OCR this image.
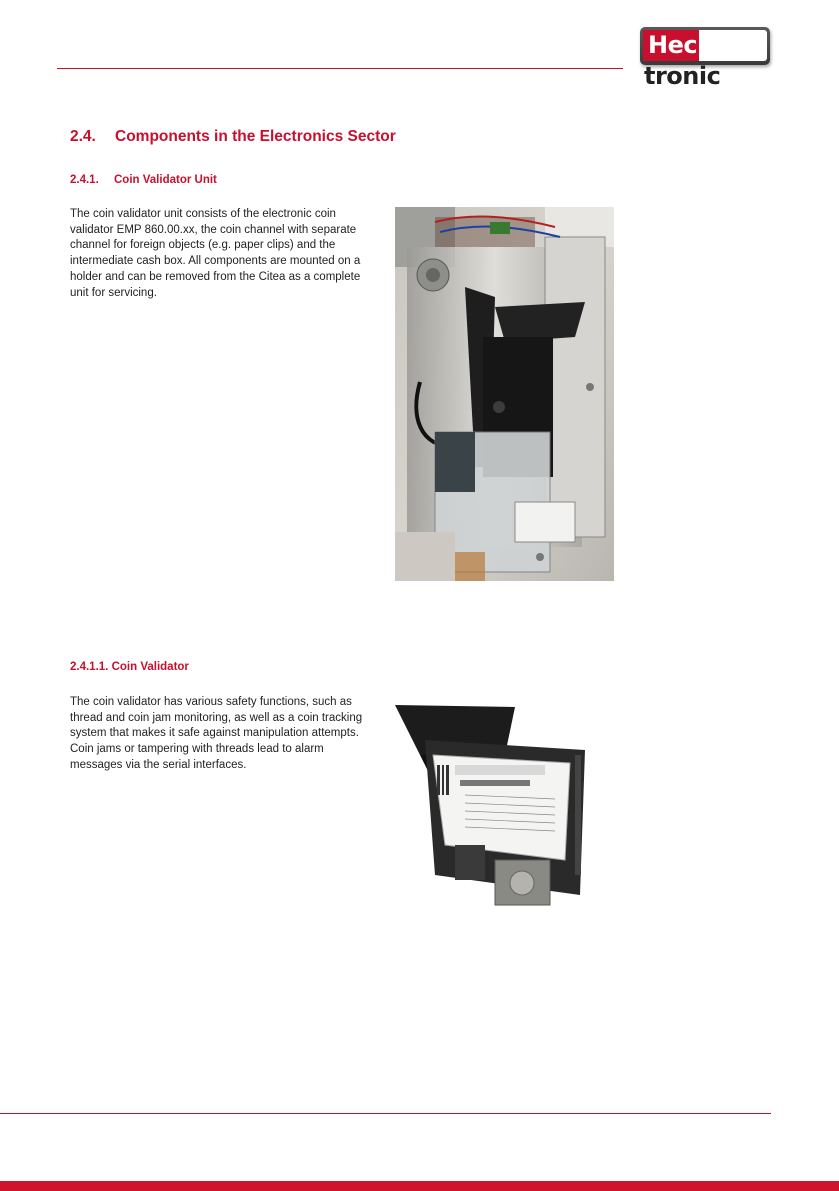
Hectronic
2.4. Components in the Electronics Sector
2.4.1. Coin Validator Unit
The coin validator unit consists of the electronic coin validator EMP 860.00.xx, the coin channel with separate channel for foreign objects (e.g. paper clips) and the intermediate cash box. All components are mounted on a holder and can be removed from the Citea as a complete unit for servicing.
2.4.1.1. Coin Validator
The coin validator has various safety functions, such as thread and coin jam monitoring, as well as a coin tracking system that makes it safe against manipulation attempts. Coin jams or tampering with threads lead to alarm messages via the serial interfaces.
